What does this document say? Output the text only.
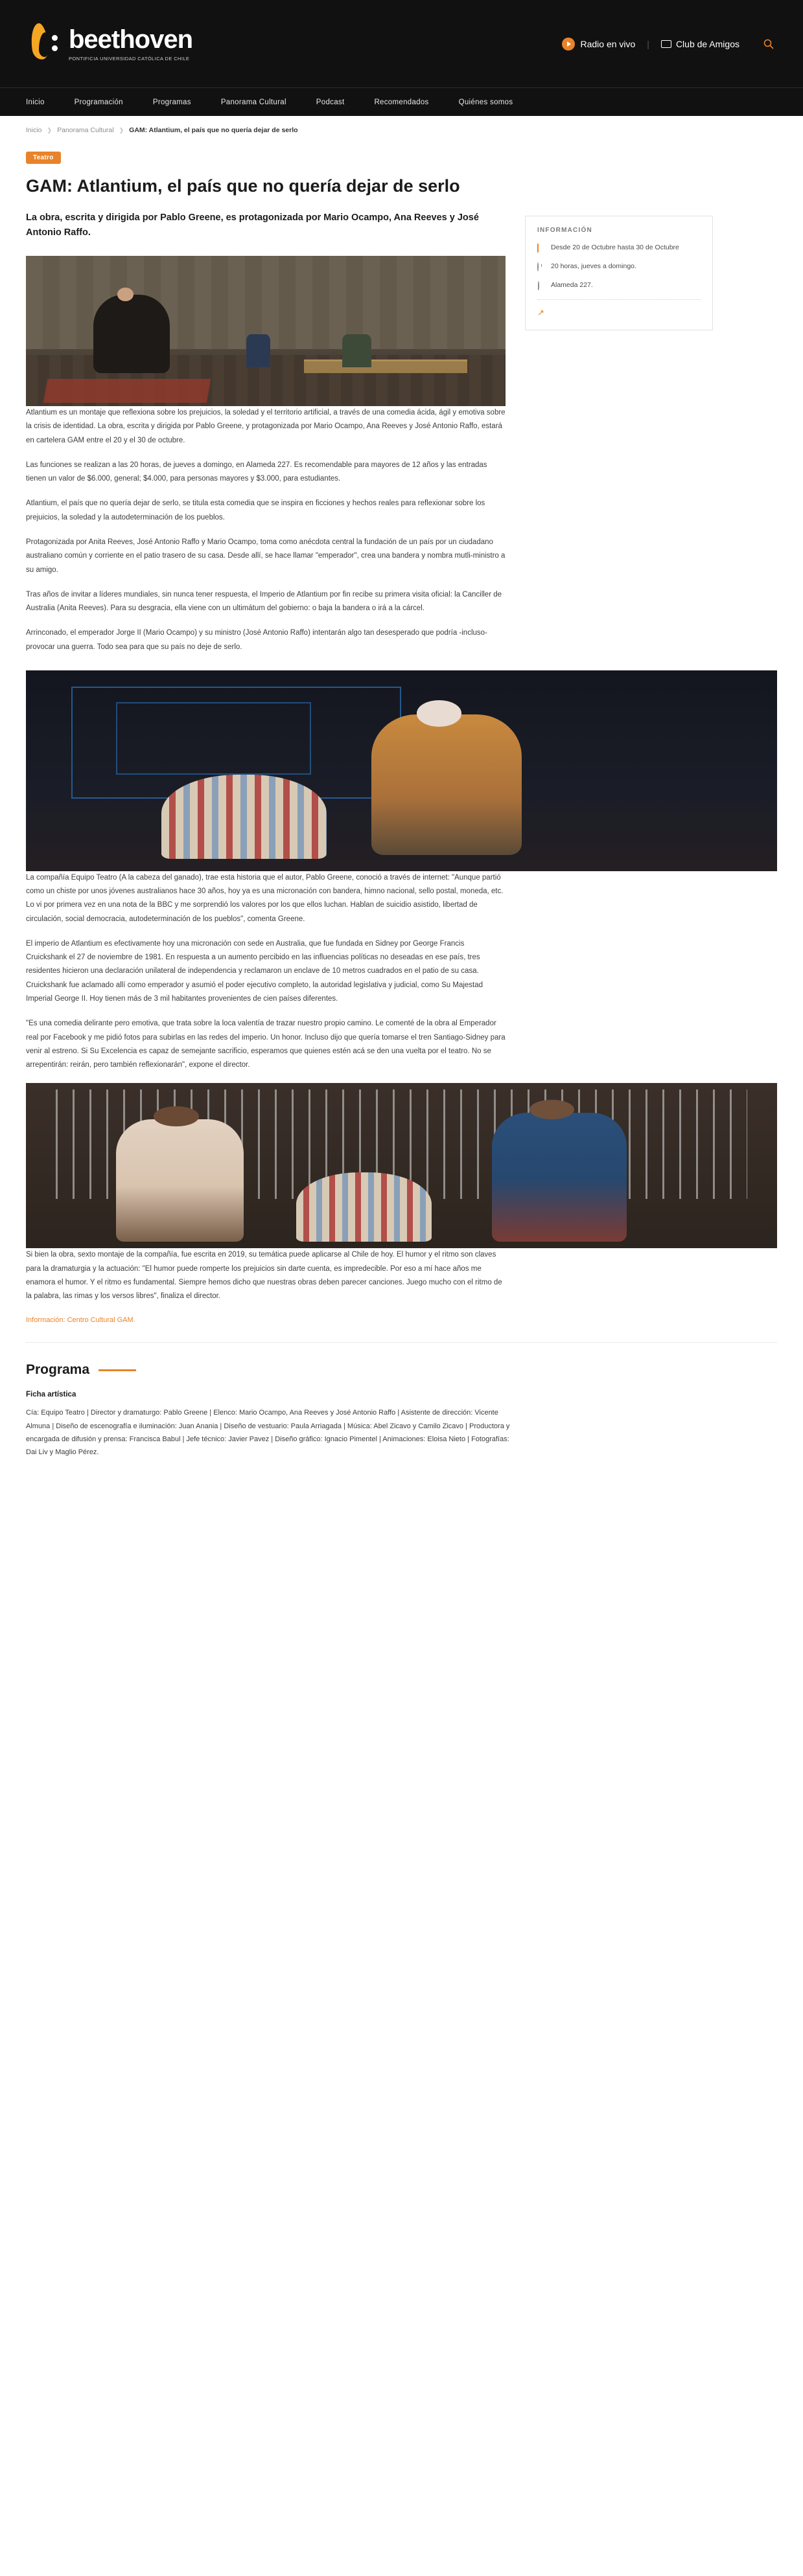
beethoven
PONTIFICIA UNIVERSIDAD CATÓLICA DE CHILE
Radio en vivo |	Club de Amigos
Inicio	Programación	Programas	Panorama Cultural	Podcast	Recomendados	Quiénes somos
Inicio ❯ Panorama Cultural ❯ GAM: Atlantium, el país que no quería dejar de serlo
Teatro
GAM: Atlantium, el país que no quería dejar de serlo
La obra, escrita y dirigida por Pablo Greene, es protagonizada por Mario Ocampo, Ana Reeves y José Antonio Raffo.

Atlantium es un montaje que reflexiona sobre los prejuicios, la soledad y el territorio artificial, a través de una comedia ácida, ágil y emotiva sobre la crisis de identidad. La obra, escrita y dirigida por Pablo Greene, y protagonizada por Mario Ocampo, Ana Reeves y José Antonio Raffo, estará en cartelera GAM entre el 20 y el 30 de octubre.

Las funciones se realizan a las 20 horas, de jueves a domingo, en Alameda 227. Es recomendable para mayores de 12 años y las entradas tienen un valor de $6.000, general; $4.000, para personas mayores y $3.000, para estudiantes.

Atlantium, el país que no quería dejar de serlo, se titula esta comedia que se inspira en ficciones y hechos reales para reflexionar sobre los prejuicios, la soledad y la autodeterminación de los pueblos.

Protagonizada por Anita Reeves, José Antonio Raffo y Mario Ocampo, toma como anécdota central la fundación de un país por un ciudadano australiano común y corriente en el patio trasero de su casa. Desde allí, se hace llamar "emperador", crea una bandera y nombra mutli-ministro a su amigo.

Tras años de invitar a líderes mundiales, sin nunca tener respuesta, el Imperio de Atlantium por fin recibe su primera visita oficial: la Canciller de Australia (Anita Reeves). Para su desgracia, ella viene con un ultimátum del gobierno: o baja la bandera o irá a la cárcel.

Arrinconado, el emperador Jorge II (Mario Ocampo) y su ministro (José Antonio Raffo) intentarán algo tan desesperado que podría -incluso- provocar una guerra. Todo sea para que su país no deje de serlo.

INFORMACIÓN
Desde 20 de Octubre hasta 30 de Octubre
20 horas, jueves a domingo.
Alameda 227.
↗

La compañía Equipo Teatro (A la cabeza del ganado), trae esta historia que el autor, Pablo Greene, conoció a través de internet: "Aunque partió como un chiste por unos jóvenes australianos hace 30 años, hoy ya es una micronación con bandera, himno nacional, sello postal, moneda, etc. Lo vi por primera vez en una nota de la BBC y me sorprendió los valores por los que ellos luchan. Hablan de suicidio asistido, libertad de circulación, social democracia, autodeterminación de los pueblos", comenta Greene.

El imperio de Atlantium es efectivamente hoy una micronación con sede en Australia, que fue fundada en Sidney por George Francis Cruickshank el 27 de noviembre de 1981. En respuesta a un aumento percibido en las influencias políticas no deseadas en ese país, tres residentes hicieron una declaración unilateral de independencia y reclamaron un enclave de 10 metros cuadrados en el patio de su casa. Cruickshank fue aclamado allí como emperador y asumió el poder ejecutivo completo, la autoridad legislativa y judicial, como Su Majestad Imperial George II. Hoy tienen más de 3 mil habitantes provenientes de cien países diferentes.

"Es una comedia delirante pero emotiva, que trata sobre la loca valentía de trazar nuestro propio camino. Le comenté de la obra al Emperador real por Facebook y me pidió fotos para subirlas en las redes del imperio. Un honor. Incluso dijo que quería tomarse el tren Santiago-Sidney para venir al estreno. Si Su Excelencia es capaz de semejante sacrificio, esperamos que quienes estén acá se den una vuelta por el teatro. No se arrepentirán: reirán, pero también reflexionarán", expone el director.

Si bien la obra, sexto montaje de la compañía, fue escrita en 2019, su temática puede aplicarse al Chile de hoy. El humor y el ritmo son claves para la dramaturgia y la actuación: "El humor puede romperte los prejuicios sin darte cuenta, es impredecible. Por eso a mí hace años me enamora el humor. Y el ritmo es fundamental. Siempre hemos dicho que nuestras obras deben parecer canciones. Juego mucho con el ritmo de la palabra, las rimas y los versos libres", finaliza el director.

Información: Centro Cultural GAM.
Programa
Ficha artística
Cía: Equipo Teatro | Director y dramaturgo: Pablo Greene | Elenco: Mario Ocampo, Ana Reeves y José Antonio Raffo | Asistente de dirección: Vicente Almuna | Diseño de escenografía e iluminación: Juan Anania | Diseño de vestuario: Paula Arriagada | Música: Abel Zicavo y Camilo Zicavo | Productora y encargada de difusión y prensa: Francisca Babul | Jefe técnico: Javier Pavez | Diseño gráfico: Ignacio Pimentel | Animaciones: Eloisa Nieto | Fotografías: Dai Liv y Maglio Pérez.
